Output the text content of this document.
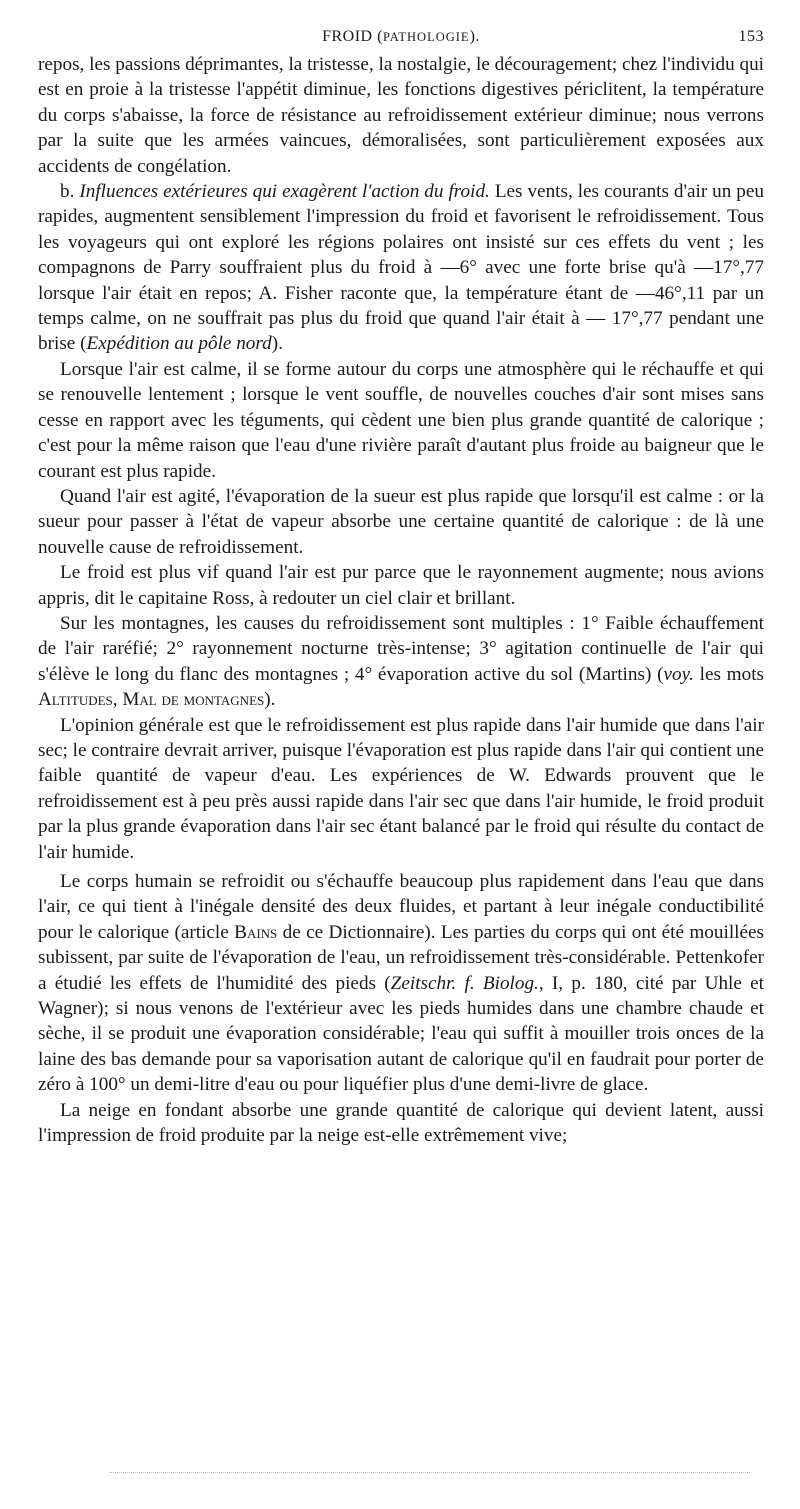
FROID (PATHOLOGIE).	153

repos, les passions déprimantes, la tristesse, la nostalgie, le découragement; chez l'individu qui est en proie à la tristesse l'appétit diminue, les fonctions digestives périclitent, la température du corps s'abaisse, la force de résistance au refroidissement extérieur diminue; nous verrons par la suite que les armées vaincues, démoralisées, sont particulièrement exposées aux accidents de congélation.

b. Influences extérieures qui exagèrent l'action du froid. Les vents, les courants d'air un peu rapides, augmentent sensiblement l'impression du froid et favorisent le refroidissement. Tous les voyageurs qui ont exploré les régions polaires ont insisté sur ces effets du vent ; les compagnons de Parry souffraient plus du froid à —6° avec une forte brise qu'à —17°,77 lorsque l'air était en repos; A. Fisher raconte que, la température étant de —46°,11 par un temps calme, on ne souffrait pas plus du froid que quand l'air était à — 17°,77 pendant une brise (Expédition au pôle nord).

Lorsque l'air est calme, il se forme autour du corps une atmosphère qui le réchauffe et qui se renouvelle lentement ; lorsque le vent souffle, de nouvelles couches d'air sont mises sans cesse en rapport avec les téguments, qui cèdent une bien plus grande quantité de calorique ; c'est pour la même raison que l'eau d'une rivière paraît d'autant plus froide au baigneur que le courant est plus rapide.

Quand l'air est agité, l'évaporation de la sueur est plus rapide que lorsqu'il est calme : or la sueur pour passer à l'état de vapeur absorbe une certaine quantité de calorique : de là une nouvelle cause de refroidissement.

Le froid est plus vif quand l'air est pur parce que le rayonnement augmente; nous avions appris, dit le capitaine Ross, à redouter un ciel clair et brillant.

Sur les montagnes, les causes du refroidissement sont multiples : 1° Faible échauffement de l'air raréfié; 2° rayonnement nocturne très-intense; 3° agitation continuelle de l'air qui s'élève le long du flanc des montagnes ; 4° évaporation active du sol (Martins) (voy. les mots Altitudes, Mal de montagnes).

L'opinion générale est que le refroidissement est plus rapide dans l'air humide que dans l'air sec; le contraire devrait arriver, puisque l'évaporation est plus rapide dans l'air qui contient une faible quantité de vapeur d'eau. Les expériences de W. Edwards prouvent que le refroidissement est à peu près aussi rapide dans l'air sec que dans l'air humide, le froid produit par la plus grande évaporation dans l'air sec étant balancé par le froid qui résulte du contact de l'air humide.

Le corps humain se refroidit ou s'échauffe beaucoup plus rapidement dans l'eau que dans l'air, ce qui tient à l'inégale densité des deux fluides, et partant à leur inégale conductibilité pour le calorique (article Bains de ce Dictionnaire). Les parties du corps qui ont été mouillées subissent, par suite de l'évaporation de l'eau, un refroidissement très-considérable. Pettenkofer a étudié les effets de l'humidité des pieds (Zeitschr. f. Biolog., I, p. 180, cité par Uhle et Wagner); si nous venons de l'extérieur avec les pieds humides dans une chambre chaude et sèche, il se produit une évaporation considérable; l'eau qui suffit à mouiller trois onces de la laine des bas demande pour sa vaporisation autant de calorique qu'il en faudrait pour porter de zéro à 100° un demi-litre d'eau ou pour liquéfier plus d'une demi-livre de glace.

La neige en fondant absorbe une grande quantité de calorique qui devient latent, aussi l'impression de froid produite par la neige est-elle extrêmement vive;
